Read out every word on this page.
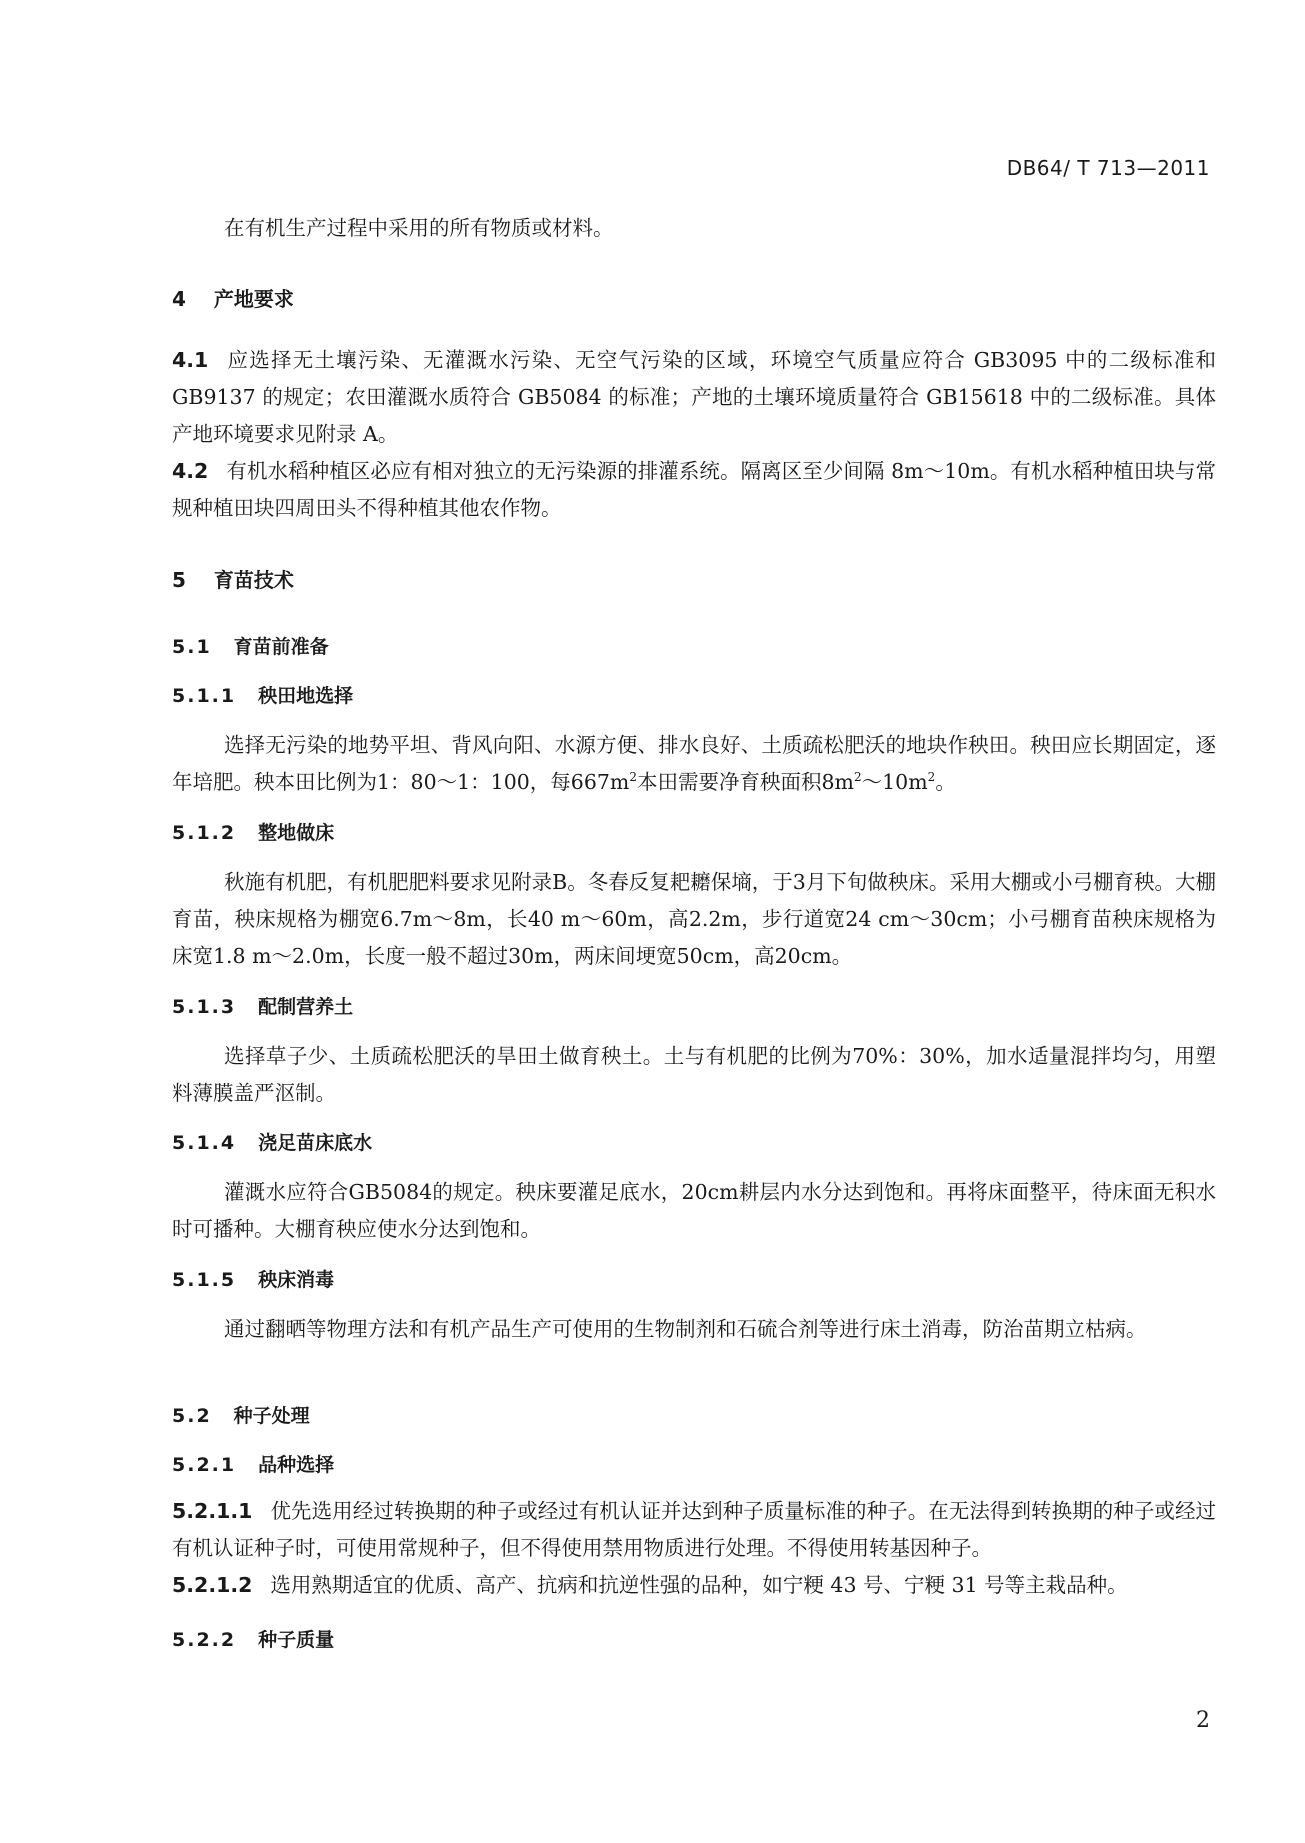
DB64/ T 713—2011
在有机生产过程中采用的所有物质或材料。
4 产地要求
4.1 应选择无土壤污染、无灌溉水污染、无空气污染的区域，环境空气质量应符合 GB3095 中的二级标准和 GB9137 的规定；农田灌溉水质符合 GB5084 的标准；产地的土壤环境质量符合 GB15618 中的二级标准。具体产地环境要求见附录 A。
4.2 有机水稻种植区必应有相对独立的无污染源的排灌系统。隔离区至少间隔 8m～10m。有机水稻种植田块与常规种植田块四周田头不得种植其他农作物。
5 育苗技术
5.1 育苗前准备
5.1.1 秧田地选择
选择无污染的地势平坦、背风向阳、水源方便、排水良好、土质疏松肥沃的地块作秧田。秧田应长期固定，逐年培肥。秧本田比例为1：80～1：100，每$667m^2$本田需要净育秧面积$8m^2\sim 10m^2$。
5.1.2 整地做床
秋施有机肥，有机肥肥料要求见附录B。冬春反复耙耱保墒，于3月下旬做秧床。采用大棚或小弓棚育秧。大棚育苗，秧床规格为棚宽6.7m～8m，长40 m～60m，高2.2m，步行道宽24 cm～30cm；小弓棚育苗秧床规格为床宽1.8 m～2.0m，长度一般不超过30m，两床间埂宽50cm，高20cm。
5.1.3 配制营养土
选择草子少、土质疏松肥沃的旱田土做育秧土。土与有机肥的比例为70%：30%，加水适量混拌均匀，用塑料薄膜盖严沤制。
5.1.4 浇足苗床底水
灌溉水应符合GB5084的规定。秧床要灌足底水，20cm耕层内水分达到饱和。再将床面整平，待床面无积水时可播种。大棚育秧应使水分达到饱和。
5.1.5 秧床消毒
通过翻晒等物理方法和有机产品生产可使用的生物制剂和石硫合剂等进行床土消毒，防治苗期立枯病。
5.2 种子处理
5.2.1 品种选择
5.2.1.1 优先选用经过转换期的种子或经过有机认证并达到种子质量标准的种子。在无法得到转换期的种子或经过有机认证种子时，可使用常规种子，但不得使用禁用物质进行处理。不得使用转基因种子。
5.2.1.2 选用熟期适宜的优质、高产、抗病和抗逆性强的品种，如宁粳 43 号、宁粳 31 号等主栽品种。
5.2.2 种子质量
2
